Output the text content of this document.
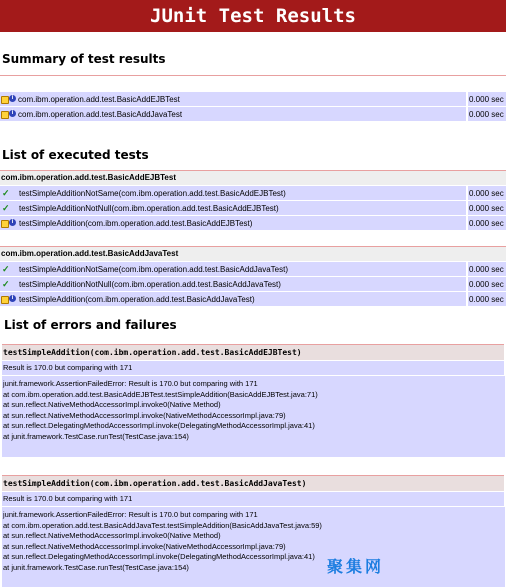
JUnit Test Results
Summary of test results
i com.ibm.operation.add.test.BasicAddEJBTest	0.000 sec
i com.ibm.operation.add.test.BasicAddJavaTest	0.000 sec
List of executed tests
com.ibm.operation.add.test.BasicAddEJBTest
✓ testSimpleAdditionNotSame(com.ibm.operation.add.test.BasicAddEJBTest)	0.000 sec
✓ testSimpleAdditionNotNull(com.ibm.operation.add.test.BasicAddEJBTest)	0.000 sec
i testSimpleAddition(com.ibm.operation.add.test.BasicAddEJBTest)	0.000 sec
com.ibm.operation.add.test.BasicAddJavaTest
✓ testSimpleAdditionNotSame(com.ibm.operation.add.test.BasicAddJavaTest)	0.000 sec
✓ testSimpleAdditionNotNull(com.ibm.operation.add.test.BasicAddJavaTest)	0.000 sec
i testSimpleAddition(com.ibm.operation.add.test.BasicAddJavaTest)	0.000 sec
List of errors and failures
testSimpleAddition(com.ibm.operation.add.test.BasicAddEJBTest)
Result is 170.0 but comparing with 171
junit.framework.AssertionFailedError: Result is 170.0 but comparing with 171
at com.ibm.operation.add.test.BasicAddEJBTest.testSimpleAddition(BasicAddEJBTest.java:71)
at sun.reflect.NativeMethodAccessorImpl.invoke0(Native Method)
at sun.reflect.NativeMethodAccessorImpl.invoke(NativeMethodAccessorImpl.java:79)
at sun.reflect.DelegatingMethodAccessorImpl.invoke(DelegatingMethodAccessorImpl.java:41)
at junit.framework.TestCase.runTest(TestCase.java:154)
testSimpleAddition(com.ibm.operation.add.test.BasicAddJavaTest)
Result is 170.0 but comparing with 171
junit.framework.AssertionFailedError: Result is 170.0 but comparing with 171
at com.ibm.operation.add.test.BasicAddJavaTest.testSimpleAddition(BasicAddJavaTest.java:59)
at sun.reflect.NativeMethodAccessorImpl.invoke0(Native Method)
at sun.reflect.NativeMethodAccessorImpl.invoke(NativeMethodAccessorImpl.java:79)
at sun.reflect.DelegatingMethodAccessorImpl.invoke(DelegatingMethodAccessorImpl.java:41)
at junit.framework.TestCase.runTest(TestCase.java:154)	聚集网
